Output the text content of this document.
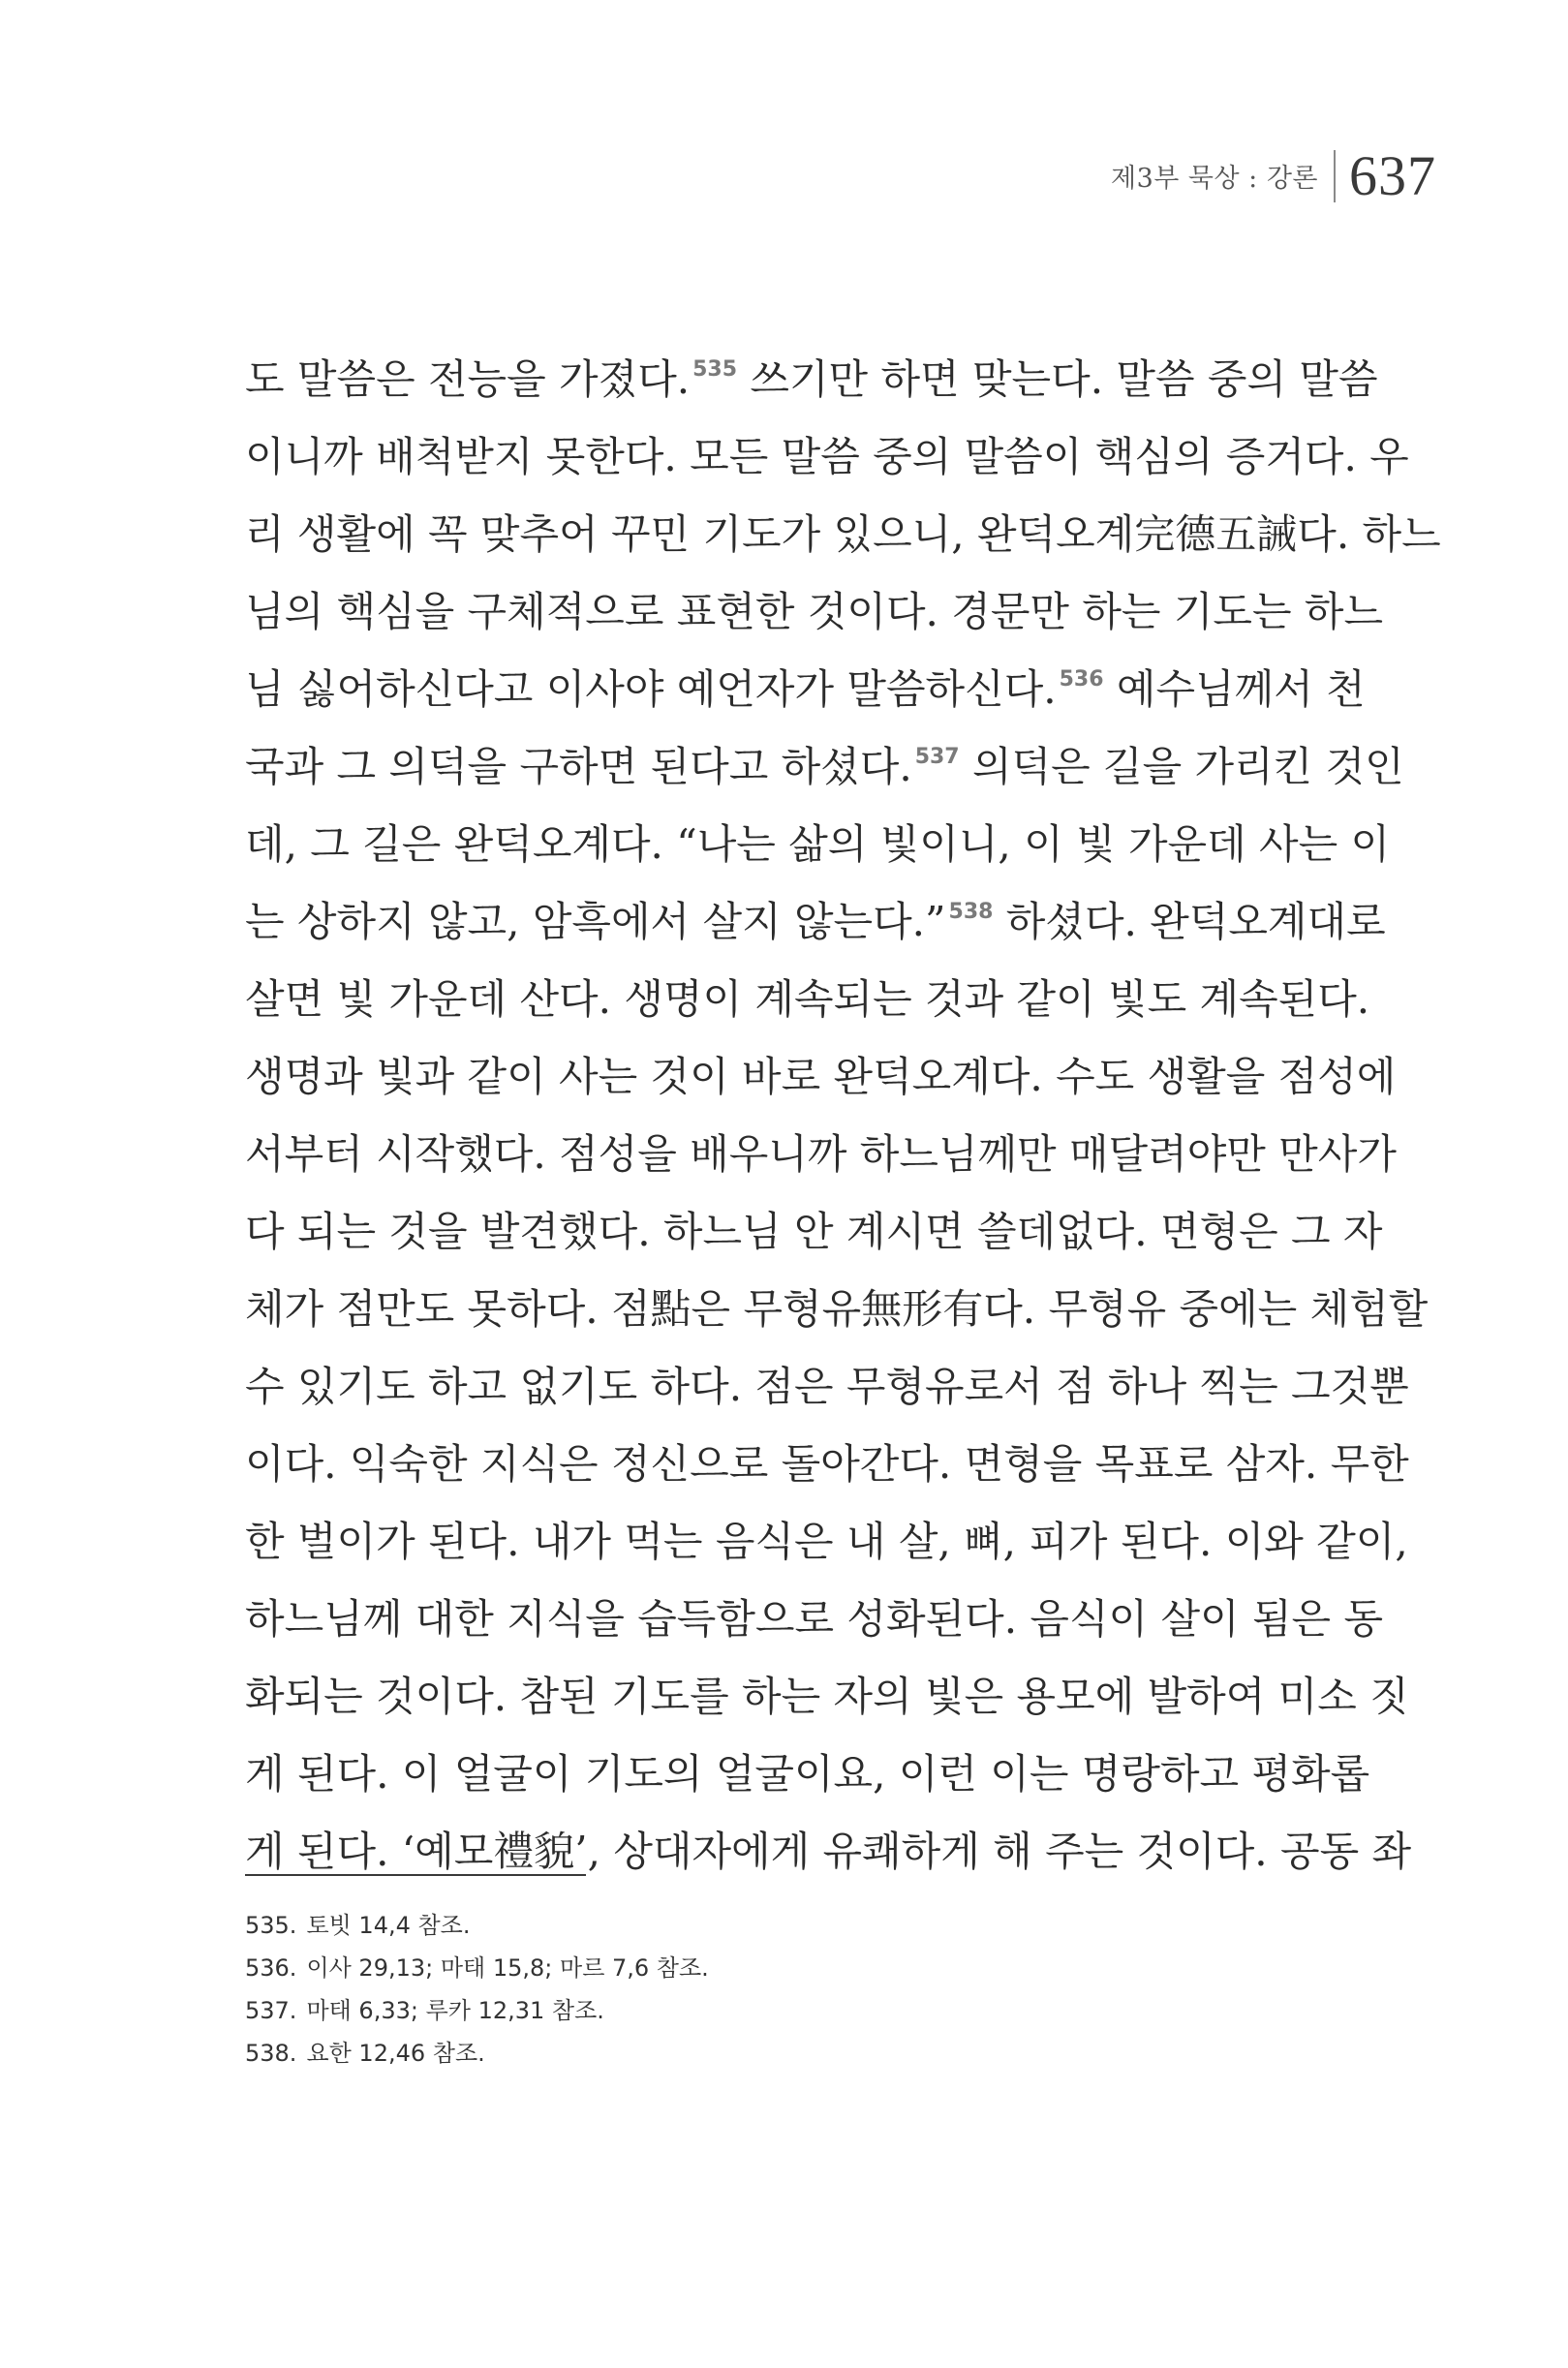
제3부 묵상 : 강론 637
도 말씀은 전능을 가졌다. $^{535}$ 쓰기만 하면 맞는다. 말씀 중의 말씀
이니까 배척받지 못한다. 모든 말씀 중의 말씀이 핵심의 증거다. 우
리 생활에 꼭 맞추어 꾸민 기도가 있으니, 완덕오계完德五誡다. 하느
님의 핵심을 구체적으로 표현한 것이다. 경문만 하는 기도는 하느
님 싫어하신다고 이사야 예언자가 말씀하신다. $^{536}$ 예수님께서 천
국과 그 의덕을 구하면 된다고 하셨다. $^{537}$ 의덕은 길을 가리킨 것인
데, 그 길은 완덕오계다. “나는 삶의 빛이니, 이 빛 가운데 사는 이
는 상하지 않고, 암흑에서 살지 않는다.” $^{538}$ 하셨다. 완덕오계대로
살면 빛 가운데 산다. 생명이 계속되는 것과 같이 빛도 계속된다.
생명과 빛과 같이 사는 것이 바로 완덕오계다. 수도 생활을 점성에
서부터 시작했다. 점성을 배우니까 하느님께만 매달려야만 만사가
다 되는 것을 발견했다. 하느님 안 계시면 쓸데없다. 면형은 그 자
체가 점만도 못하다. 점點은 무형유無形有다. 무형유 중에는 체험할
수 있기도 하고 없기도 하다. 점은 무형유로서 점 하나 찍는 그것뿐
이다. 익숙한 지식은 정신으로 돌아간다. 면형을 목표로 삼자. 무한
한 벌이가 된다. 내가 먹는 음식은 내 살, 뼈, 피가 된다. 이와 같이,
하느님께 대한 지식을 습득함으로 성화된다. 음식이 살이 됨은 동
화되는 것이다. 참된 기도를 하는 자의 빛은 용모에 발하여 미소 짓
게 된다. 이 얼굴이 기도의 얼굴이요, 이런 이는 명랑하고 평화롭
게 된다. ‘예모禮貌’, 상대자에게 유쾌하게 해 주는 것이다. 공동 좌
535. 토빗 14,4 참조.
536. 이사 29,13; 마태 15,8; 마르 7,6 참조.
537. 마태 6,33; 루카 12,31 참조.
538. 요한 12,46 참조.
